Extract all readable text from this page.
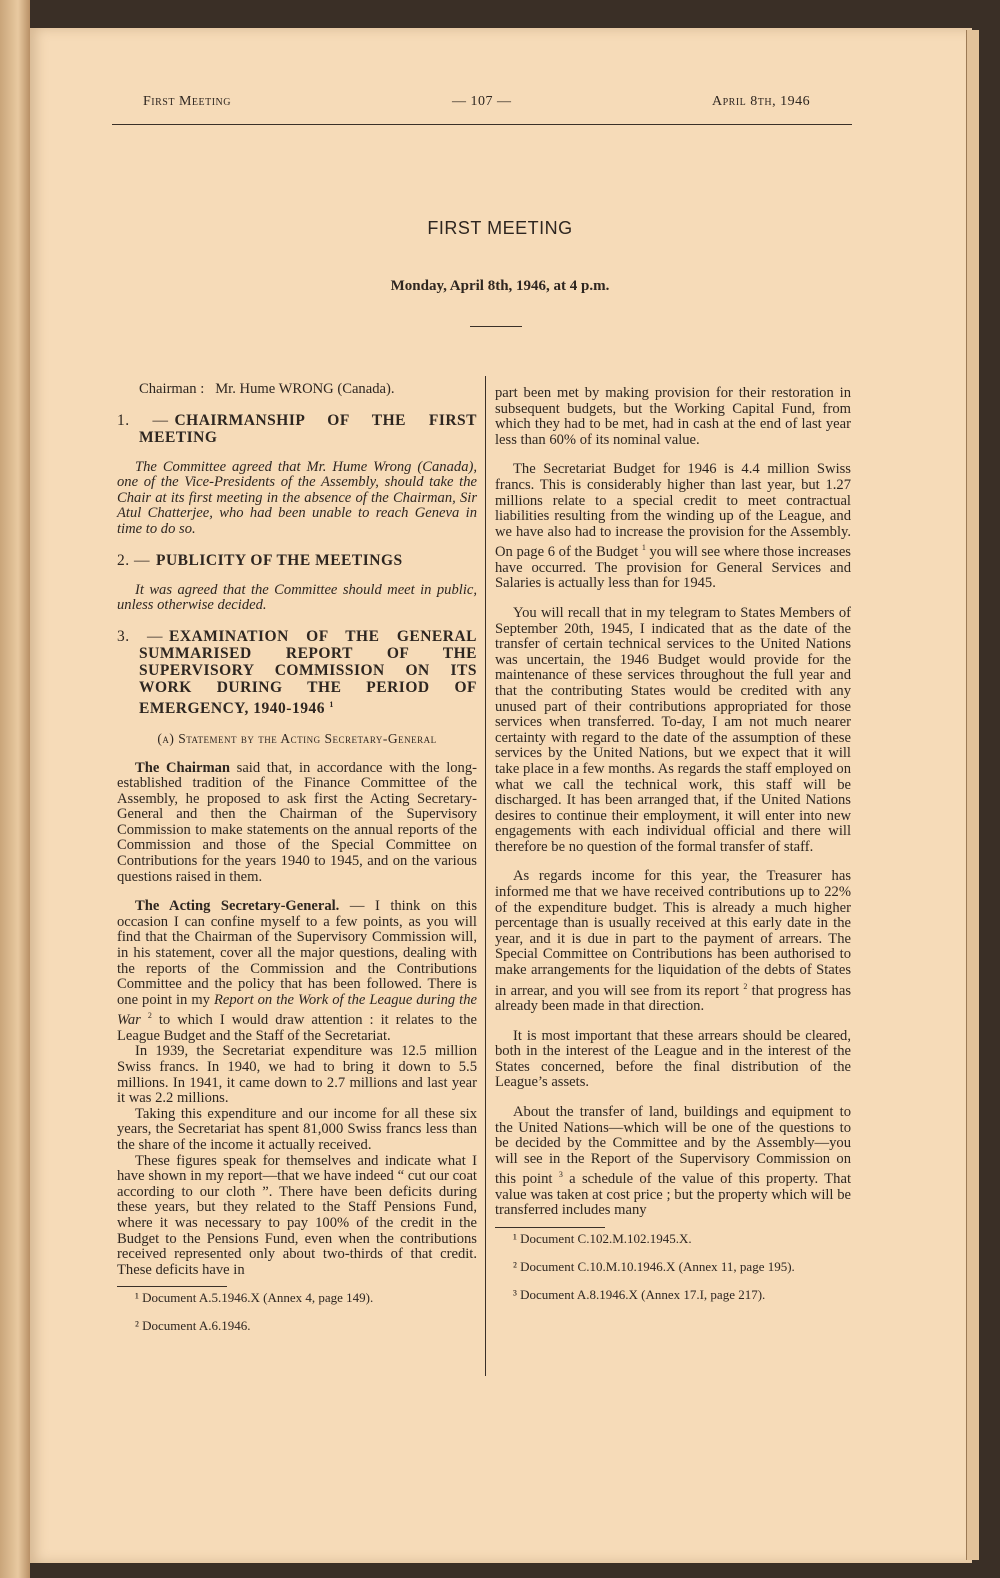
First Meeting	— 107 —	April 8th, 1946
FIRST MEETING
Monday, April 8th, 1946, at 4 p.m.
Chairman :   Mr. Hume WRONG (Canada).
1. — CHAIRMANSHIP OF THE FIRST MEETING

The Committee agreed that Mr. Hume Wrong (Canada), one of the Vice-Presidents of the Assembly, should take the Chair at its first meeting in the absence of the Chairman, Sir Atul Chatterjee, who had been unable to reach Geneva in time to do so.

2. — PUBLICITY OF THE MEETINGS

It was agreed that the Committee should meet in public, unless otherwise decided.

3. — EXAMINATION OF THE GENERAL SUMMARISED REPORT OF THE SUPERVISORY COMMISSION ON ITS WORK DURING THE PERIOD OF EMERGENCY, 1940-1946 $^1$
(a) Statement by the Acting Secretary-General

The Chairman said that, in accordance with the long-established tradition of the Finance Committee of the Assembly, he proposed to ask first the Acting Secretary-General and then the Chairman of the Supervisory Commission to make statements on the annual reports of the Commission and those of the Special Committee on Contributions for the years 1940 to 1945, and on the various questions raised in them.

The Acting Secretary-General. — I think on this occasion I can confine myself to a few points, as you will find that the Chairman of the Supervisory Commission will, in his statement, cover all the major questions, dealing with the reports of the Commission and the Contributions Committee and the policy that has been followed. There is one point in my Report on the Work of the League during the War $^2$ to which I would draw attention : it relates to the League Budget and the Staff of the Secretariat.

In 1939, the Secretariat expenditure was 12.5 million Swiss francs. In 1940, we had to bring it down to 5.5 millions. In 1941, it came down to 2.7 millions and last year it was 2.2 millions.

Taking this expenditure and our income for all these six years, the Secretariat has spent 81,000 Swiss francs less than the share of the income it actually received.

These figures speak for themselves and indicate what I have shown in my report—that we have indeed “ cut our coat according to our cloth ”. There have been deficits during these years, but they related to the Staff Pensions Fund, where it was necessary to pay 100% of the credit in the Budget to the Pensions Fund, even when the contributions received represented only about two-thirds of that credit. These deficits have in

¹ Document A.5.1946.X (Annex 4, page 149).

² Document A.6.1946.

part been met by making provision for their restoration in subsequent budgets, but the Working Capital Fund, from which they had to be met, had in cash at the end of last year less than 60% of its nominal value.

The Secretariat Budget for 1946 is 4.4 million Swiss francs. This is considerably higher than last year, but 1.27 millions relate to a special credit to meet contractual liabilities resulting from the winding up of the League, and we have also had to increase the provision for the Assembly. On page 6 of the Budget $^1$ you will see where those increases have occurred. The provision for General Services and Salaries is actually less than for 1945.

You will recall that in my telegram to States Members of September 20th, 1945, I indicated that as the date of the transfer of certain technical services to the United Nations was uncertain, the 1946 Budget would provide for the maintenance of these services throughout the full year and that the contributing States would be credited with any unused part of their contributions appropriated for those services when transferred. To-day, I am not much nearer certainty with regard to the date of the assumption of these services by the United Nations, but we expect that it will take place in a few months. As regards the staff employed on what we call the technical work, this staff will be discharged. It has been arranged that, if the United Nations desires to continue their employment, it will enter into new engagements with each individual official and there will therefore be no question of the formal transfer of staff.

As regards income for this year, the Treasurer has informed me that we have received contributions up to 22% of the expenditure budget. This is already a much higher percentage than is usually received at this early date in the year, and it is due in part to the payment of arrears. The Special Committee on Contributions has been authorised to make arrangements for the liquidation of the debts of States in arrear, and you will see from its report $^2$ that progress has already been made in that direction.

It is most important that these arrears should be cleared, both in the interest of the League and in the interest of the States concerned, before the final distribution of the League’s assets.

About the transfer of land, buildings and equipment to the United Nations—which will be one of the questions to be decided by the Committee and by the Assembly—you will see in the Report of the Supervisory Commission on this point $^3$ a schedule of the value of this property. That value was taken at cost price ; but the property which will be transferred includes many

¹ Document C.102.M.102.1945.X.

² Document C.10.M.10.1946.X (Annex 11, page 195).

³ Document A.8.1946.X (Annex 17.I, page 217).
